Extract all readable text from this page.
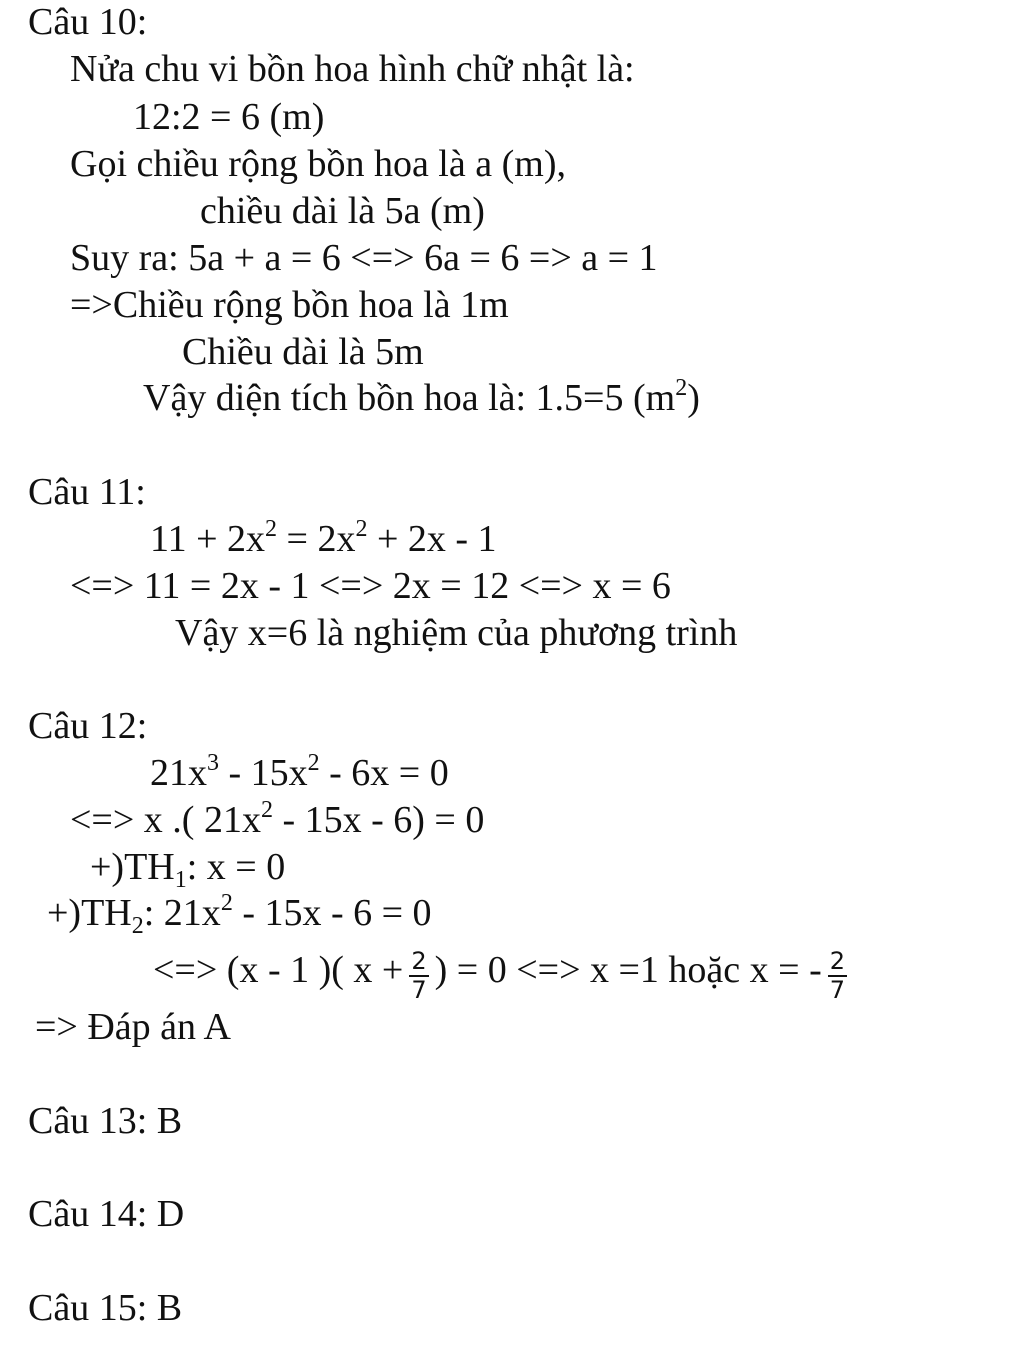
Câu 10:
Nửa chu vi bồn hoa hình chữ nhật là:
12:2 = 6 (m)
Gọi chiều rộng bồn hoa là a (m),
chiều dài là 5a (m)
Suy ra: 5a + a = 6 <=> 6a = 6 => a = 1
=>Chiều rộng bồn hoa là 1m
Chiều dài là 5m
Vậy diện tích bồn hoa là: 1.5=5 $(m^2)$
Câu 11:
$11 + 2x^2 = 2x^2 + 2x - 1$
<=> 11 = 2x - 1 <=> 2x = 12 <=> x = 6
Vậy x=6 là nghiệm của phương trình
Câu 12:
$21x^3 - 15x^2 - 6x = 0$
<=> x .( $21x^2 - 15x - 6) = 0$
$+)TH_1$: x = 0
$+)TH_2$: $21x^2 - 15x - 6 = 0$
<=> (x - 1 )( $x + \frac{2}{7}$ ) = 0 <=> x =1 hoặc x = - $\frac{2}{7}$
=> Đáp án A
Câu 13: B
Câu 14: D
Câu 15: B
